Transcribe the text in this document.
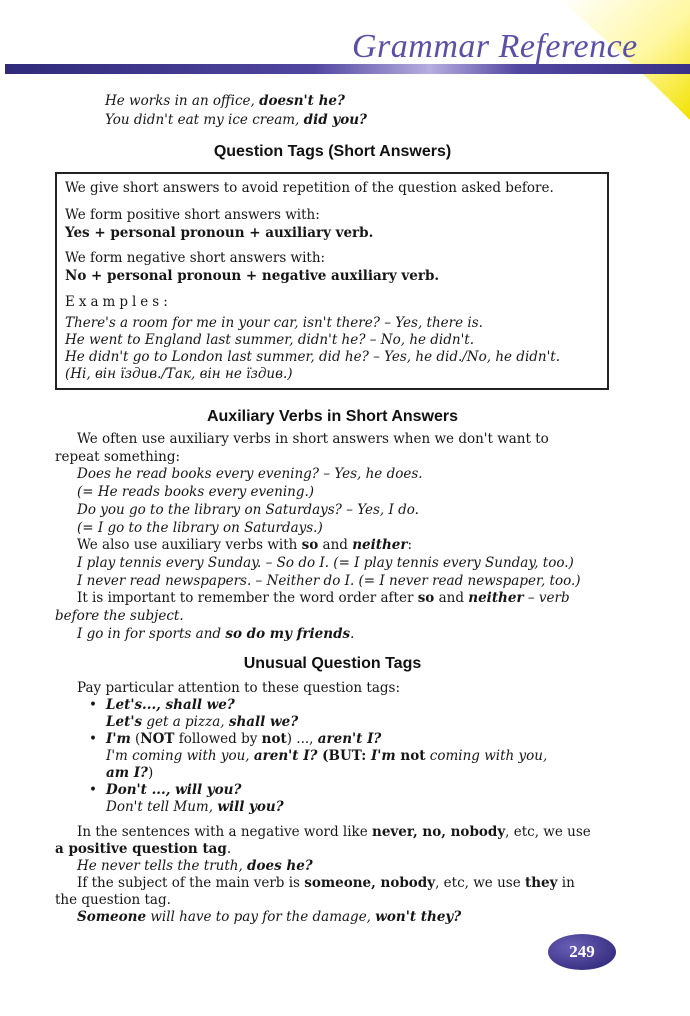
Grammar Reference
He works in an office, doesn't he?
You didn't eat my ice cream, did you?
Question Tags (Short Answers)
We give short answers to avoid repetition of the question asked before.
We form positive short answers with:
Yes + personal pronoun + auxiliary verb.
We form negative short answers with:
No + personal pronoun + negative auxiliary verb.
Examples:
There's a room for me in your car, isn't there? – Yes, there is.
He went to England last summer, didn't he? – No, he didn't.
He didn't go to London last summer, did he? – Yes, he did./No, he didn't.
(Ні, він їздив./Так, він не їздив.)
Auxiliary Verbs in Short Answers
We often use auxiliary verbs in short answers when we don't want to
repeat something:
Does he read books every evening? – Yes, he does.
(= He reads books every evening.)
Do you go to the library on Saturdays? – Yes, I do.
(= I go to the library on Saturdays.)
We also use auxiliary verbs with so and neither:
I play tennis every Sunday. – So do I. (= I play tennis every Sunday, too.)
I never read newspapers. – Neither do I. (= I never read newspaper, too.)
It is important to remember the word order after so and neither – verb
before the subject.
I go in for sports and so do my friends.
Unusual Question Tags
Pay particular attention to these question tags:
• Let's..., shall we?
Let's get a pizza, shall we?
• I'm (NOT followed by not) ..., aren't I?
I'm coming with you, aren't I? (BUT: I'm not coming with you,
am I?)
• Don't ..., will you?
Don't tell Mum, will you?
In the sentences with a negative word like never, no, nobody, etc, we use
a positive question tag.
He never tells the truth, does he?
If the subject of the main verb is someone, nobody, etc, we use they in
the question tag.
Someone will have to pay for the damage, won't they?
249
